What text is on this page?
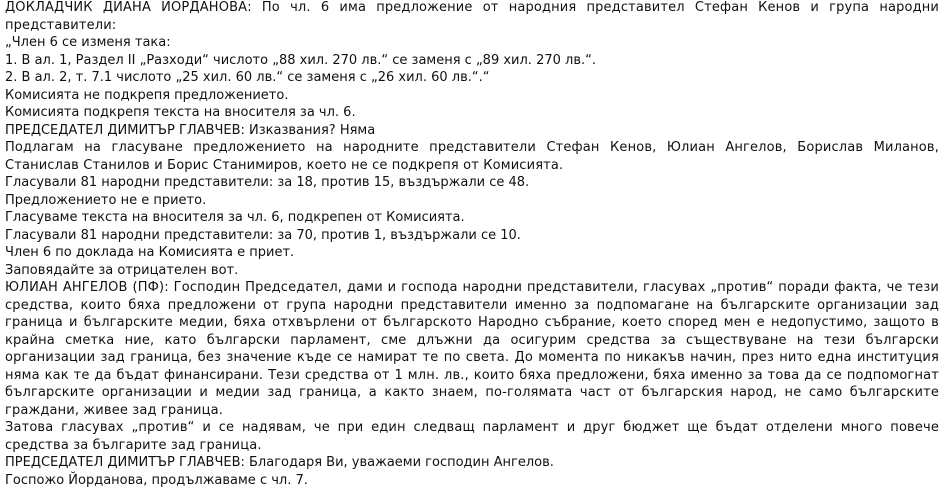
ДОКЛАДЧИК ДИАНА ЙОРДАНОВА: По чл. 6 има предложение от народния представител Стефан Кенов и група народни представители:

„Член 6 се изменя така:

1. В ал. 1, Раздел II „Разходи“ числото „88 хил. 270 лв.“ се заменя с „89 хил. 270 лв.“.

2. В ал. 2, т. 7.1 числото „25 хил. 60 лв.“ се заменя с „26 хил. 60 лв.“.“

Комисията не подкрепя предложението.

Комисията подкрепя текста на вносителя за чл. 6.

ПРЕДСЕДАТЕЛ ДИМИТЪР ГЛАВЧЕВ: Изказвания? Няма

Подлагам на гласуване предложението на народните представители Стефан Кенов, Юлиан Ангелов, Борислав Миланов, Станислав Станилов и Борис Станимиров, което не се подкрепя от Комисията.

Гласували 81 народни представители: за 18, против 15, въздържали се 48.

Предложението не е прието.

Гласуваме текста на вносителя за чл. 6, подкрепен от Комисията.

Гласували 81 народни представители: за 70, против 1, въздържали се 10.

Член 6 по доклада на Комисията е приет.

Заповядайте за отрицателен вот.

ЮЛИАН АНГЕЛОВ (ПФ): Господин Председател, дами и господа народни представители, гласувах „против“ поради факта, че тези средства, които бяха предложени от група народни представители именно за подпомагане на българските организации зад граница и българските медии, бяха отхвърлени от българското Народно събрание, което според мен е недопустимо, защото в крайна сметка ние, като български парламент, сме длъжни да осигурим средства за съществуване на тези български организации зад граница, без значение къде се намират те по света. До момента по никакъв начин, през нито една институция няма как те да бъдат финансирани. Тези средства от 1 млн. лв., които бяха предложени, бяха именно за това да се подпомогнат българските организации и медии зад граница, а както знаем, по-голямата част от българския народ, не само българските граждани, живее зад граница.

Затова гласувах „против“ и се надявам, че при един следващ парламент и друг бюджет ще бъдат отделени много повече средства за българите зад граница.

ПРЕДСЕДАТЕЛ ДИМИТЪР ГЛАВЧЕВ: Благодаря Ви, уважаеми господин Ангелов.

Госпожо Йорданова, продължаваме с чл. 7.
